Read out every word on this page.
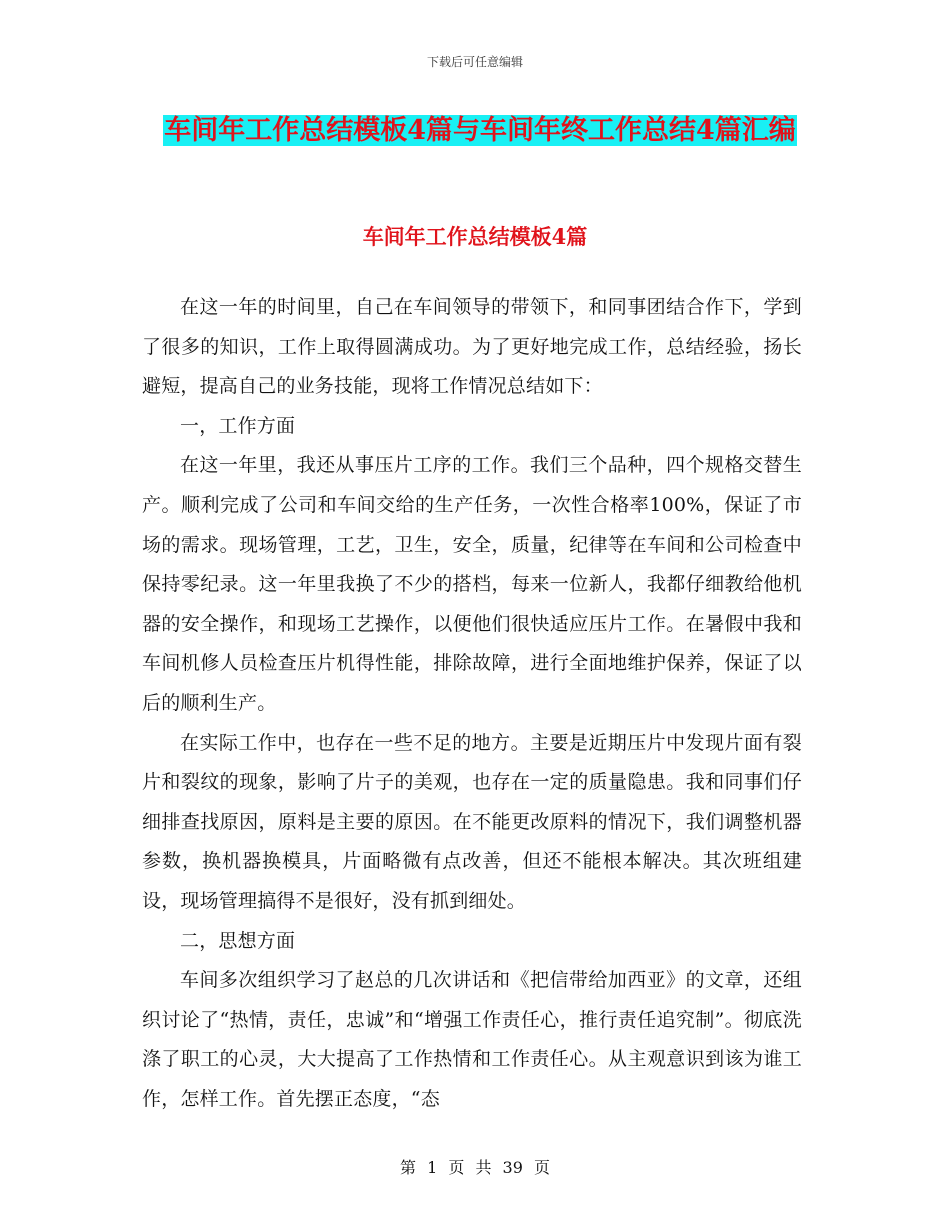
下载后可任意编辑
车间年工作总结模板4篇与车间年终工作总结4篇汇编
车间年工作总结模板4篇

在这一年的时间里，自己在车间领导的带领下，和同事团结合作下，学到了很多的知识，工作上取得圆满成功。为了更好地完成工作，总结经验，扬长避短，提高自己的业务技能，现将工作情况总结如下：

一，工作方面

在这一年里，我还从事压片工序的工作。我们三个品种，四个规格交替生产。顺利完成了公司和车间交给的生产任务，一次性合格率100%，保证了市场的需求。现场管理，工艺，卫生，安全，质量，纪律等在车间和公司检查中保持零纪录。这一年里我换了不少的搭档，每来一位新人，我都仔细教给他机器的安全操作，和现场工艺操作，以便他们很快适应压片工作。在暑假中我和车间机修人员检查压片机得性能，排除故障，进行全面地维护保养，保证了以后的顺利生产。

在实际工作中，也存在一些不足的地方。主要是近期压片中发现片面有裂片和裂纹的现象，影响了片子的美观，也存在一定的质量隐患。我和同事们仔细排查找原因，原料是主要的原因。在不能更改原料的情况下，我们调整机器参数，换机器换模具，片面略微有点改善，但还不能根本解决。其次班组建设，现场管理搞得不是很好，没有抓到细处。

二，思想方面

车间多次组织学习了赵总的几次讲话和《把信带给加西亚》的文章，还组织讨论了“热情，责任，忠诚”和“增强工作责任心，推行责任追究制”。彻底洗涤了职工的心灵，大大提高了工作热情和工作责任心。从主观意识到该为谁工作，怎样工作。首先摆正态度，“态

第 1 页 共 39 页
